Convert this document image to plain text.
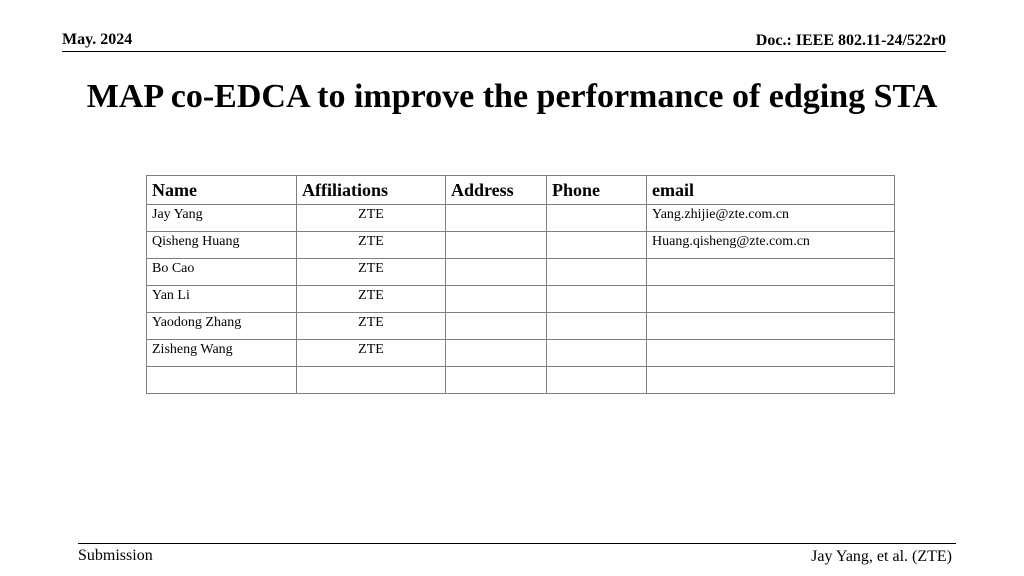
May. 2024	Doc.: IEEE 802.11-24/522r0
MAP co-EDCA to improve the performance of edging STA
Name	Affiliations	Address	Phone	email
Jay Yang	ZTE			Yang.zhijie@zte.com.cn
Qisheng Huang	ZTE			Huang.qisheng@zte.com.cn
Bo Cao	ZTE			
Yan Li	ZTE			
Yaodong Zhang	ZTE			
Zisheng Wang	ZTE			

Submission	Jay Yang, et al. (ZTE)
